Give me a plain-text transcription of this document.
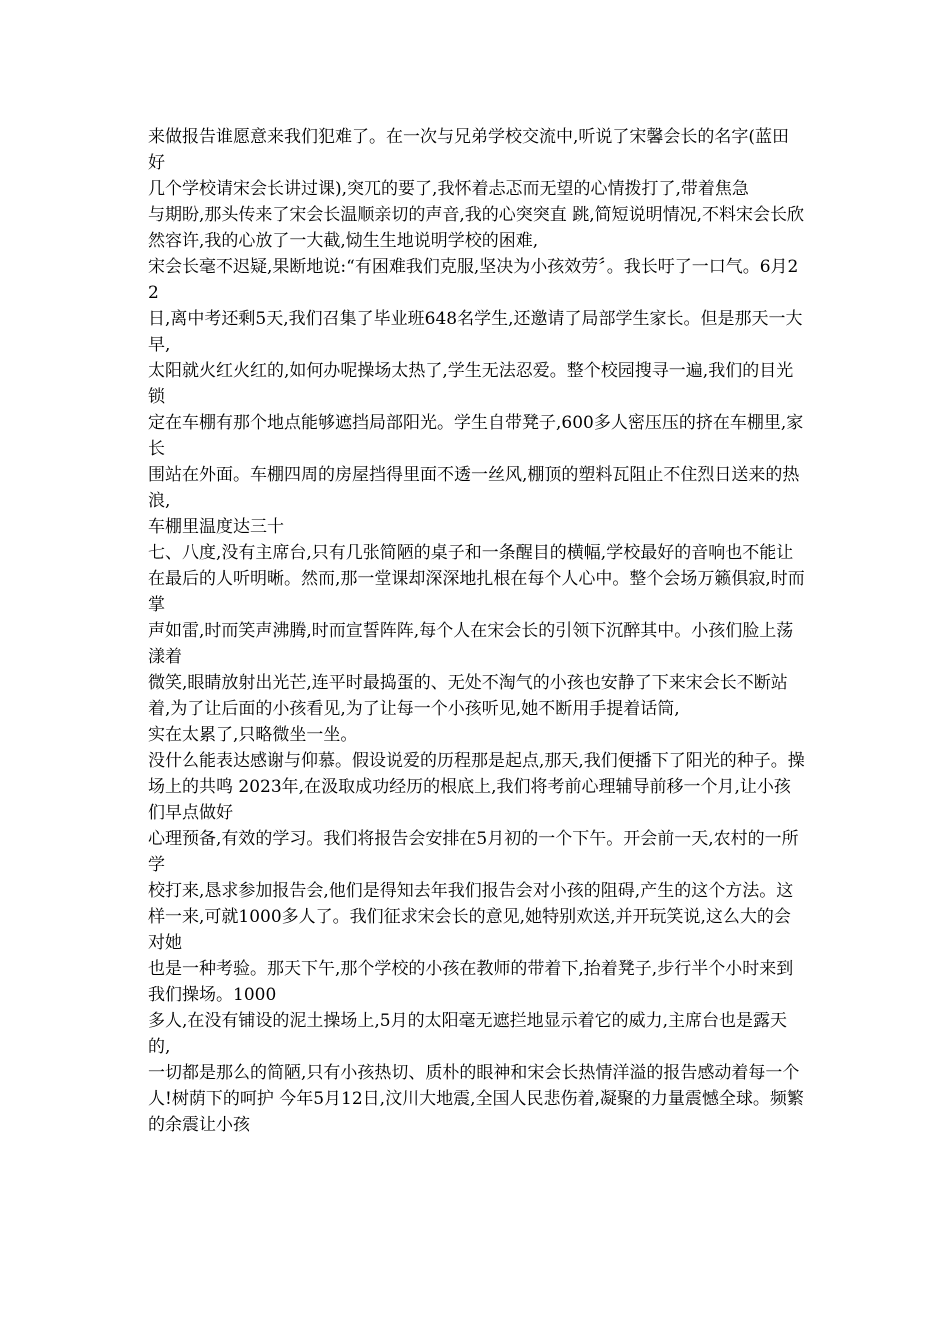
来做报告谁愿意来我们犯难了。在一次与兄弟学校交流中,听说了宋馨会长的名字(蓝田好

几个学校请宋会长讲过课),突兀的要了,我怀着忐忑而无望的心情拨打了,带着焦急

与期盼,那头传来了宋会长温顺亲切的声音,我的心突突直 跳,简短说明情况,不料宋会长欣然容许,我的心放了一大截,恸生生地说明学校的困难,

宋会长毫不迟疑,果断地说:“有困难我们克服,坚决为小孩效劳〞。我长吁了一口气。6月22

日,离中考还剩5天,我们召集了毕业班648名学生,还邀请了局部学生家长。但是那天一大早,

太阳就火红火红的,如何办呢操场太热了,学生无法忍爱。整个校园搜寻一遍,我们的目光锁

定在车棚有那个地点能够遮挡局部阳光。学生自带凳子,600多人密压压的挤在车棚里,家长

围站在外面。车棚四周的房屋挡得里面不透一丝风,棚顶的塑料瓦阻止不住烈日送来的热浪,

车棚里温度达三十

七、八度,没有主席台,只有几张简陋的桌子和一条醒目的横幅,学校最好的音响也不能让

在最后的人听明晰。然而,那一堂课却深深地扎根在每个人心中。整个会场万籁俱寂,时而掌

声如雷,时而笑声沸腾,时而宣誓阵阵,每个人在宋会长的引领下沉醉其中。小孩们脸上荡漾着

微笑,眼睛放射出光芒,连平时最捣蛋的、无处不淘气的小孩也安静了下来宋会长不断站着,为了让后面的小孩看见,为了让每一个小孩听见,她不断用手提着话筒,

实在太累了,只略微坐一坐。

没什么能表达感谢与仰慕。假设说爱的历程那是起点,那天,我们便播下了阳光的种子。操场上的共鸣 2023年,在汲取成功经历的根底上,我们将考前心理辅导前移一个月,让小孩们早点做好

心理预备,有效的学习。我们将报告会安排在5月初的一个下午。开会前一天,农村的一所学

校打来,恳求参加报告会,他们是得知去年我们报告会对小孩的阻碍,产生的这个方法。这

样一来,可就1000多人了。我们征求宋会长的意见,她特别欢送,并开玩笑说,这么大的会对她

也是一种考验。那天下午,那个学校的小孩在教师的带着下,抬着凳子,步行半个小时来到我们操场。1000

多人,在没有铺设的泥土操场上,5月的太阳毫无遮拦地显示着它的威力,主席台也是露天的,

一切都是那么的简陋,只有小孩热切、质朴的眼神和宋会长热情洋溢的报告感动着每一个人!树荫下的呵护 今年5月12日,汶川大地震,全国人民悲伤着,凝聚的力量震憾全球。频繁的余震让小孩
